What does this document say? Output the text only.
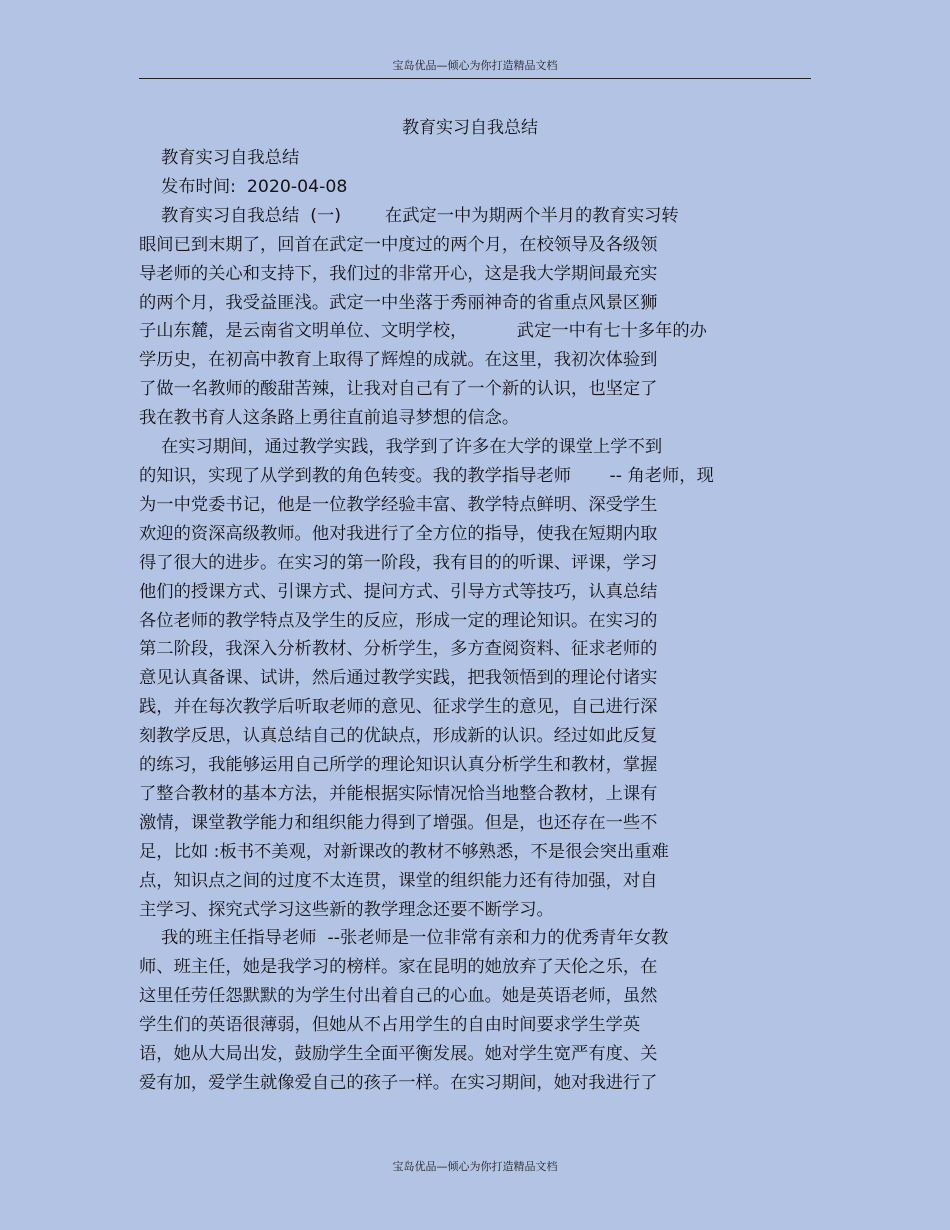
宝岛优品—倾心为你打造精品文档
教育实习自我总结
教育实习自我总结
发布时间:  2020-04-08
教育实习自我总结  (一)        在武定一中为期两个半月的教育实习转
眼间已到末期了，回首在武定一中度过的两个月，在校领导及各级领
导老师的关心和支持下，我们过的非常开心，这是我大学期间最充实
的两个月，我受益匪浅。武定一中坐落于秀丽神奇的省重点风景区狮
子山东麓，是云南省文明单位、文明学校，         武定一中有七十多年的办
学历史，在初高中教育上取得了辉煌的成就。在这里，我初次体验到
了做一名教师的酸甜苦辣，让我对自己有了一个新的认识，也坚定了
我在教书育人这条路上勇往直前追寻梦想的信念。
在实习期间，通过教学实践，我学到了许多在大学的课堂上学不到
的知识，实现了从学到教的角色转变。我的教学指导老师       -- 角老师，现
为一中党委书记，他是一位教学经验丰富、教学特点鲜明、深受学生
欢迎的资深高级教师。他对我进行了全方位的指导，使我在短期内取
得了很大的进步。在实习的第一阶段，我有目的的听课、评课，学习
他们的授课方式、引课方式、提问方式、引导方式等技巧，认真总结
各位老师的教学特点及学生的反应，形成一定的理论知识。在实习的
第二阶段，我深入分析教材、分析学生，多方查阅资料、征求老师的
意见认真备课、试讲，然后通过教学实践，把我领悟到的理论付诸实
践，并在每次教学后听取老师的意见、征求学生的意见，自己进行深
刻教学反思，认真总结自己的优缺点，形成新的认识。经过如此反复
的练习，我能够运用自己所学的理论知识认真分析学生和教材，掌握
了整合教材的基本方法，并能根据实际情况恰当地整合教材，上课有
激情，课堂教学能力和组织能力得到了增强。但是，也还存在一些不
足，比如 :板书不美观，对新课改的教材不够熟悉，不是很会突出重难
点，知识点之间的过度不太连贯，课堂的组织能力还有待加强，对自
主学习、探究式学习这些新的教学理念还要不断学习。
我的班主任指导老师  --张老师是一位非常有亲和力的优秀青年女教
师、班主任，她是我学习的榜样。家在昆明的她放弃了天伦之乐，在
这里任劳任怨默默的为学生付出着自己的心血。她是英语老师，虽然
学生们的英语很薄弱，但她从不占用学生的自由时间要求学生学英
语，她从大局出发，鼓励学生全面平衡发展。她对学生宽严有度、关
爱有加，爱学生就像爱自己的孩子一样。在实习期间，她对我进行了
宝岛优品—倾心为你打造精品文档
